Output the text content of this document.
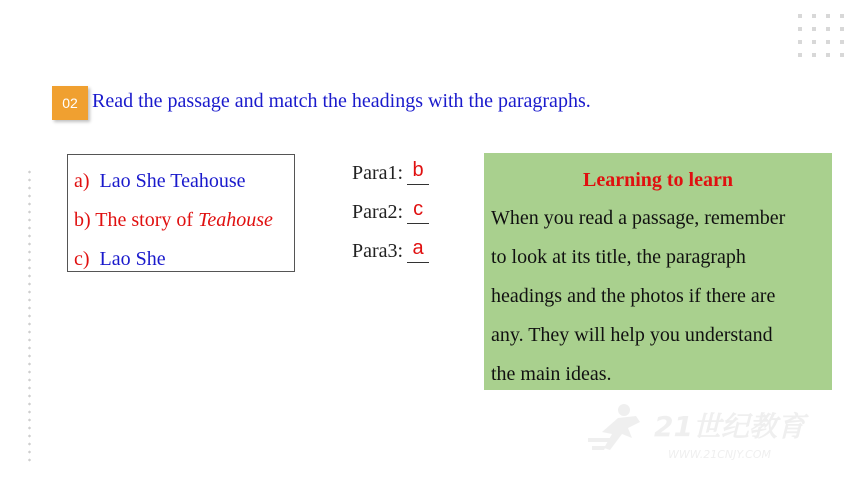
02 Read the passage and match the headings with the paragraphs.
a) Lao She Teahouse
b) The story of Teahouse
c) Lao She
Para1: b
Para2: c
Para3: a
Learning to learn
When you read a passage, remember
to look at its title, the paragraph
headings and the photos if there are
any. They will help you understand
the main ideas.
21世纪教育
WWW.21CNJY.COM
